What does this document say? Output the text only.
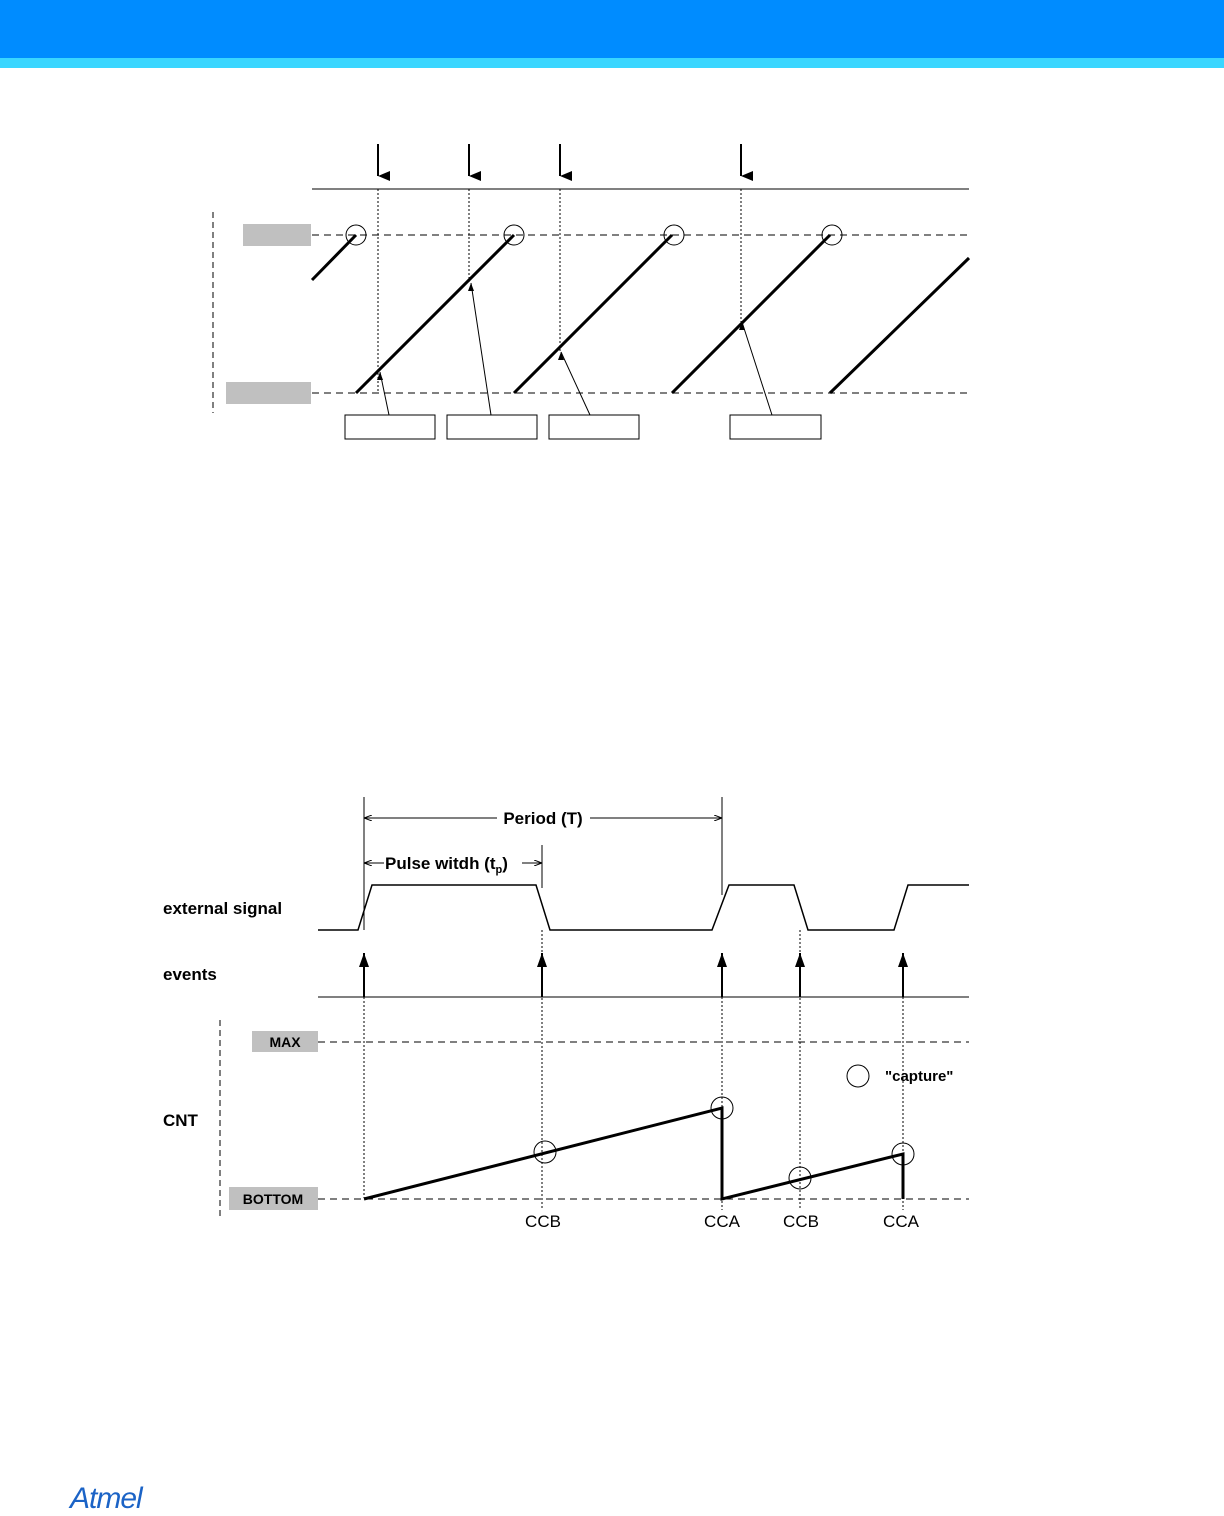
Period (T)
Pulse witdh $(t_p)$
external signal
events
CNT
MAX
BOTTOM
"capture"
CCB	CCA	CCB	CCA
Atmel
